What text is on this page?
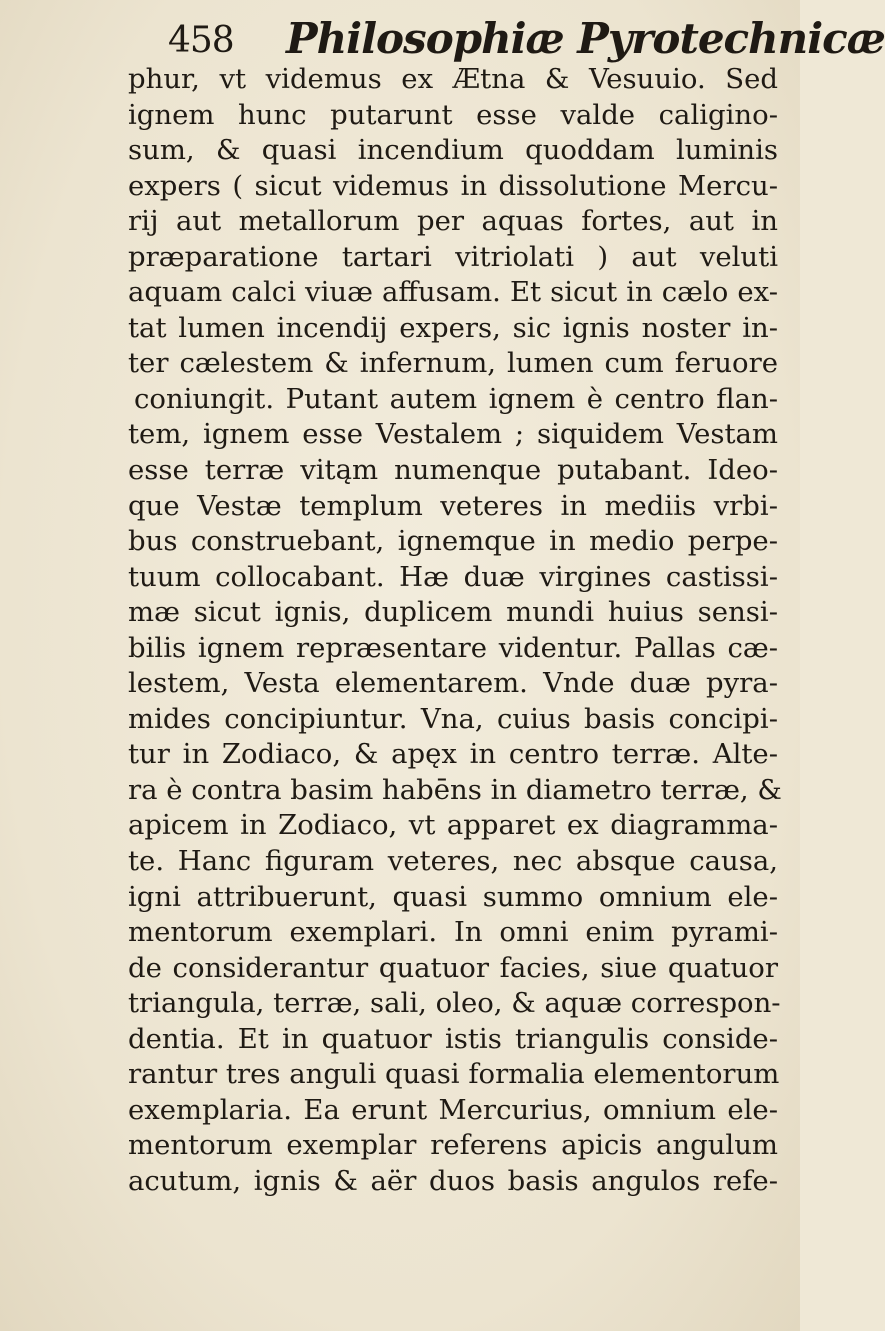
458 Philosophiæ Pyrotechnicæ
phur, vt videmus ex Ætna & Vesuuio. Sed
ignem hunc putarunt esse valde caligino-
sum, & quasi incendium quoddam luminis
expers ( sicut videmus in dissolutione Mercu-
rij aut metallorum per aquas fortes, aut in
præparatione tartari vitriolati ) aut veluti
aquam calci viuæ affusam. Et sicut in cælo ex-
tat lumen incendij expers, sic ignis noster in-
ter cælestem & infernum, lumen cum feruore
coniungit. Putant autem ignem è centro flan-
tem, ignem esse Vestalem ; siquidem Vestam
esse terræ vitąm numenque putabant. Ideo-
que Vestæ templum veteres in mediis vrbi-
bus construebant, ignemque in medio perpe-
tuum collocabant. Hæ duæ virgines castissi-
mæ sicut ignis, duplicem mundi huius sensi-
bilis ignem repræsentare videntur. Pallas cæ-
lestem, Vesta elementarem. Vnde duæ pyra-
mides concipiuntur. Vna, cuius basis concipi-
tur in Zodiaco, & apęx in centro terræ. Alte-
ra è contra basim habēns in diametro terræ, &
apicem in Zodiaco, vt apparet ex diagramma-
te. Hanc figuram veteres, nec absque causa,
igni attribuerunt, quasi summo omnium ele-
mentorum exemplari. In omni enim pyrami-
de considerantur quatuor facies, siue quatuor
triangula, terræ, sali, oleo, & aquæ correspon-
dentia. Et in quatuor istis triangulis conside-
rantur tres anguli quasi formalia elementorum
exemplaria. Ea erunt Mercurius, omnium ele-
mentorum exemplar referens apicis angulum
acutum, ignis & aër duos basis angulos refe-
